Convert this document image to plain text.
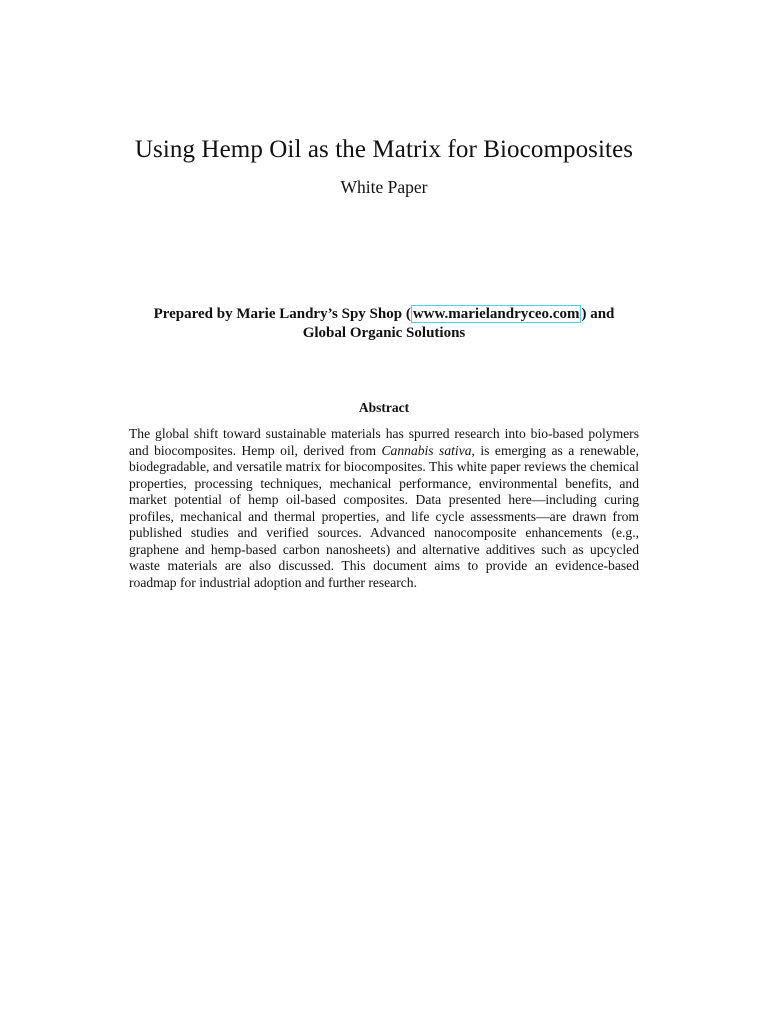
Using Hemp Oil as the Matrix for Biocomposites
White Paper
Prepared by Marie Landry’s Spy Shop ( www.marielandryceo.com ) and
Global Organic Solutions
Abstract

The global shift toward sustainable materials has spurred research into bio-based polymers and biocomposites. Hemp oil, derived from Cannabis sativa, is emerging as a renewable, biodegradable, and versatile matrix for biocomposites. This white paper reviews the chemical properties, processing techniques, mechanical performance, environmental benefits, and market potential of hemp oil-based composites. Data presented here—including curing profiles, mechanical and thermal properties, and life cycle assessments—are drawn from published studies and verified sources. Advanced nanocomposite enhancements (e.g., graphene and hemp-based carbon nanosheets) and alternative additives such as upcycled waste materials are also discussed. This document aims to provide an evidence-based roadmap for industrial adoption and further research.
